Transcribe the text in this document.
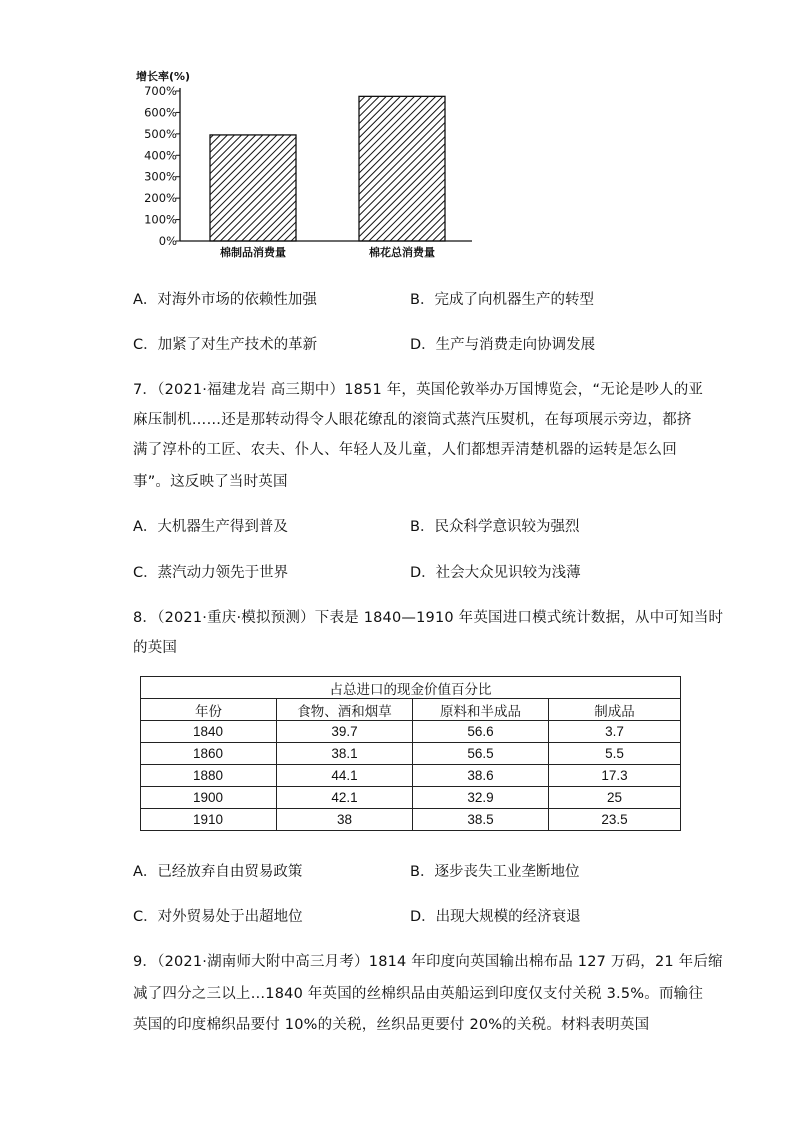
增长率(%)
0%
100%
200%
300%
400%
500%
600%
700%
棉制品消费量	棉花总消费量
A．对海外市场的依赖性加强	B．完成了向机器生产的转型
C．加紧了对生产技术的革新	D．生产与消费走向协调发展
7．（2021·福建龙岩 高三期中）1851 年，英国伦敦举办万国博览会，“无论是吵人的亚
麻压制机……还是那转动得令人眼花缭乱的滚筒式蒸汽压熨机，在每项展示旁边，都挤
满了淳朴的工匠、农夫、仆人、年轻人及儿童，人们都想弄清楚机器的运转是怎么回
事”。这反映了当时英国
A．大机器生产得到普及	B．民众科学意识较为强烈
C．蒸汽动力领先于世界	D．社会大众见识较为浅薄
8．（2021·重庆·模拟预测）下表是 1840—1910 年英国进口模式统计数据，从中可知当时
的英国
占总进口的现金价值百分比			
年份	食物、酒和烟草	原料和半成品	制成品
1840	39.7	56.6	3.7
1860	38.1	56.5	5.5
1880	44.1	38.6	17.3
1900	42.1	32.9	25
1910	38	38.5	23.5
A．已经放弃自由贸易政策	B．逐步丧失工业垄断地位
C．对外贸易处于出超地位	D．出现大规模的经济衰退
9．（2021·湖南师大附中高三月考）1814 年印度向英国输出棉布品 127 万码，21 年后缩
减了四分之三以上…1840 年英国的丝棉织品由英船运到印度仅支付关税 3.5%。而输往
英国的印度棉织品要付 10%的关税，丝织品更要付 20%的关税。材料表明英国
